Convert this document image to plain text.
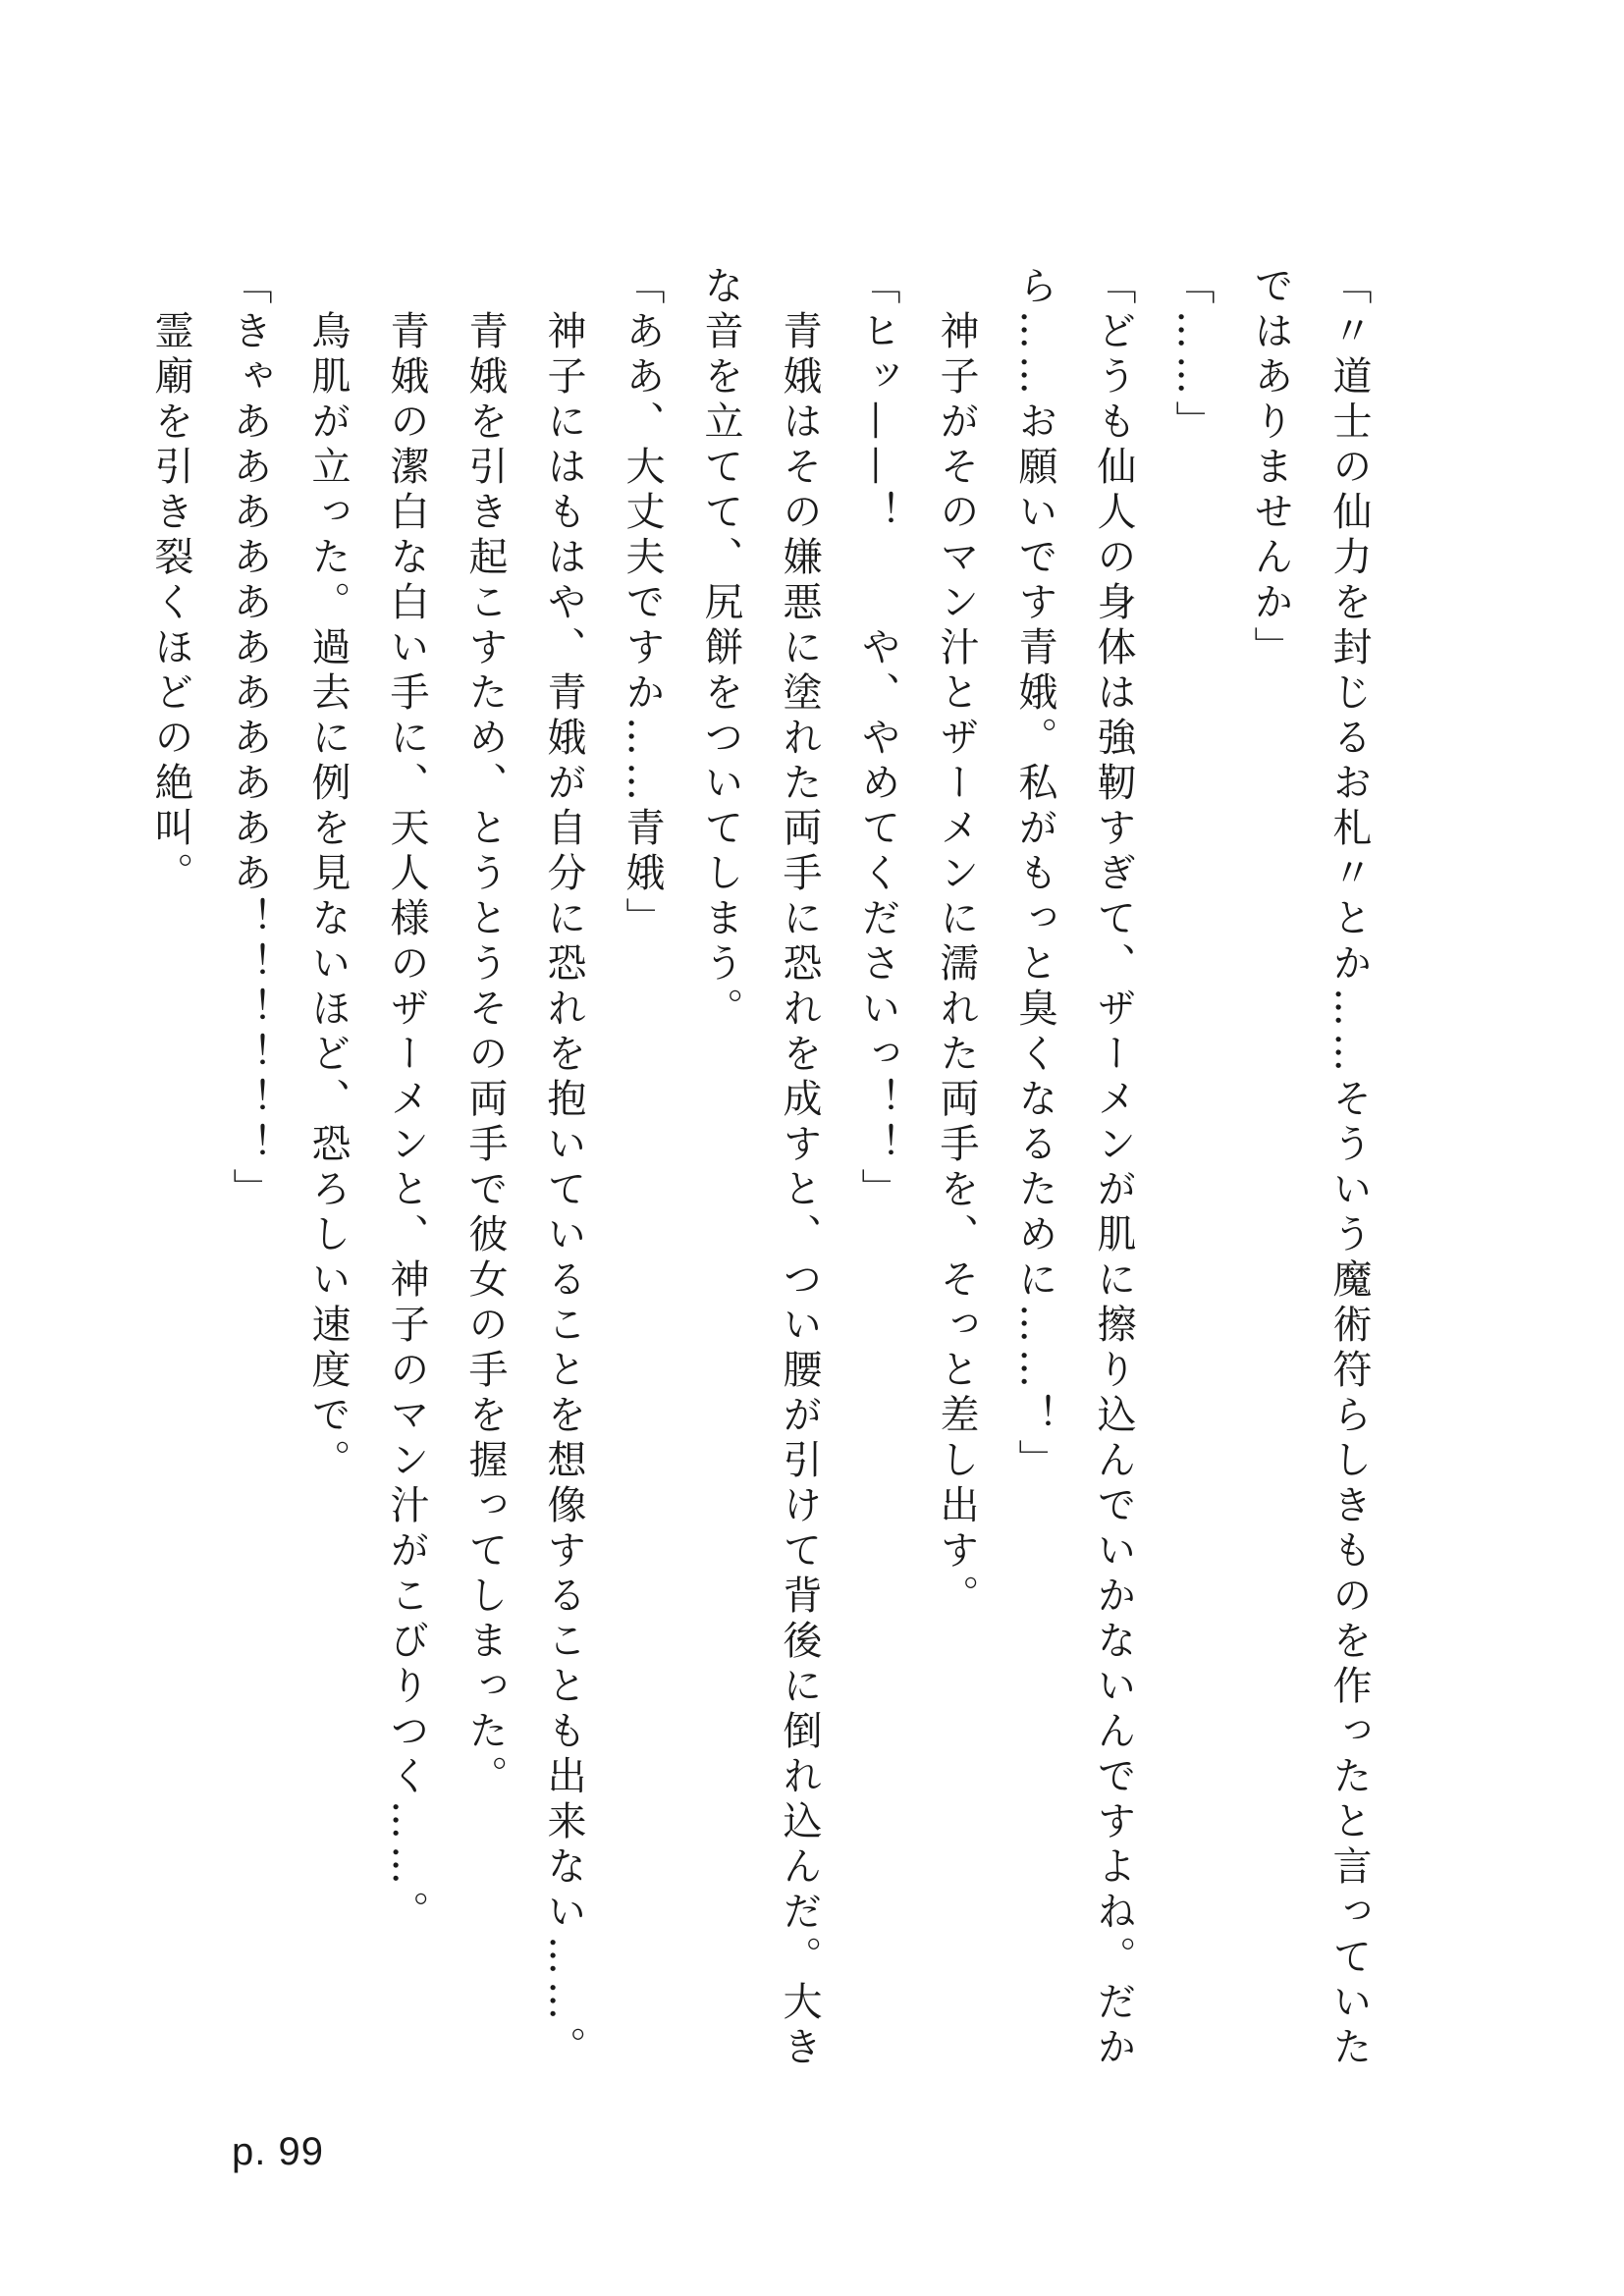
「〃道士の仙力を封じるお札〃とか……そういう魔術符らしきものを作ったと言っていたではありませんか」

「……」

「どうも仙人の身体は強靭すぎて、ザーメンが肌に擦り込んでいかないんですよね。だから……お願いです青娥。私がもっと臭くなるために……！」

　神子がそのマン汁とザーメンに濡れた両手を、そっと差し出す。

「ヒッ——！　　や、やめてくださいっ！！」

　青娥はその嫌悪に塗れた両手に恐れを成すと、つい腰が引けて背後に倒れ込んだ。大きな音を立てて、尻餅をついてしまう。

「ああ、大丈夫ですか……青娥」

　神子にはもはや、青娥が自分に恐れを抱いていることを想像することも出来ない……。

　青娥を引き起こすため、とうとうその両手で彼女の手を握ってしまった。

　青娥の潔白な白い手に、天人様のザーメンと、神子のマン汁がこびりつく……。

　鳥肌が立った。過去に例を見ないほど、恐ろしい速度で。

「きゃあああああああああああ！！！！！！」

　霊廟を引き裂くほどの絶叫。

p. 99
